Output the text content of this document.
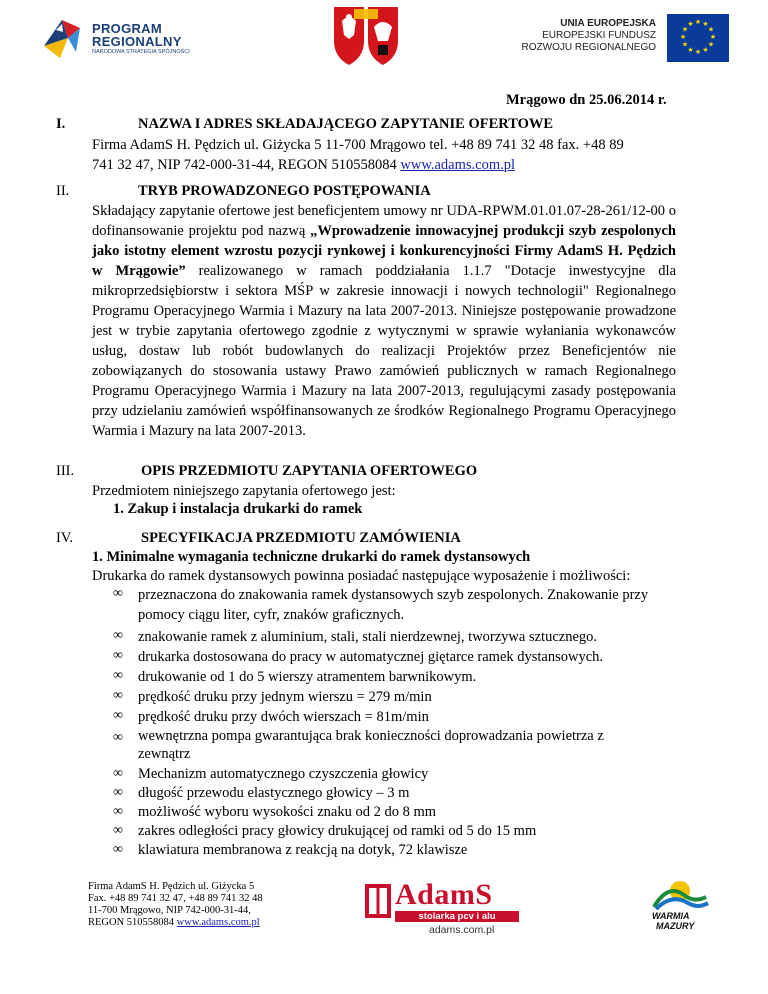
PROGRAM
REGIONALNY
NARODOWA STRATEGIA SPÓJNOŚCI
UNIA EUROPEJSKA
EUROPEJSKI FUNDUSZ
ROZWOJU REGIONALNEGO
★ ★
★
★
★
★
★
★
★
★
★
★
Mrągowo dn 25.06.2014 r.
I.	NAZWA I ADRES SKŁADAJĄCEGO ZAPYTANIE OFERTOWE
Firma AdamS H. Pędzich ul. Giżycka 5 11-700 Mrągowo tel. +48 89 741 32 48 fax. +48 89
741 32 47, NIP 742-000-31-44, REGON 510558084 www.adams.com.pl
II.	TRYB PROWADZONEGO POSTĘPOWANIA
Składający zapytanie ofertowe jest beneficjentem umowy nr UDA-RPWM.01.01.07-28-261/12-00 o dofinansowanie projektu pod nazwą „Wprowadzenie innowacyjnej produkcji szyb zespolonych jako istotny element wzrostu pozycji rynkowej i konkurencyjności Firmy AdamS H. Pędzich w Mrągowie” realizowanego w ramach poddziałania 1.1.7 "Dotacje inwestycyjne dla mikroprzedsiębiorstw i sektora MŚP w zakresie innowacji i nowych technologii" Regionalnego Programu Operacyjnego Warmia i Mazury na lata 2007-2013. Niniejsze postępowanie prowadzone jest w trybie zapytania ofertowego zgodnie z wytycznymi w sprawie wyłaniania wykonawców usług, dostaw lub robót budowlanych do realizacji Projektów przez Beneficjentów nie zobowiązanych do stosowania ustawy Prawo zamówień publicznych w ramach Regionalnego Programu Operacyjnego Warmia i Mazury na lata 2007-2013, regulującymi zasady postępowania przy udzielaniu zamówień współfinansowanych ze środków Regionalnego Programu Operacyjnego Warmia i Mazury na lata 2007-2013.
III.	OPIS PRZEDMIOTU ZAPYTANIA OFERTOWEGO
Przedmiotem niniejszego zapytania ofertowego jest:
1. Zakup i instalacja drukarki do ramek
IV.	SPECYFIKACJA PRZEDMIOTU ZAMÓWIENIA
1. Minimalne wymagania techniczne drukarki do ramek dystansowych
Drukarka do ramek dystansowych powinna posiadać następujące wyposażenie i możliwości:
∞ przeznaczona do znakowania ramek dystansowych szyb zespolonych. Znakowanie przy pomocy ciągu liter, cyfr, znaków graficznych.
∞ znakowanie ramek z aluminium, stali, stali nierdzewnej, tworzywa sztucznego.
∞ drukarka dostosowana do pracy w automatycznej giętarce ramek dystansowych.
∞ drukowanie od 1 do 5 wierszy atramentem barwnikowym.
∞ prędkość druku przy jednym wierszu = 279 m/min
∞ prędkość druku przy dwóch wierszach = 81m/min
∞ wewnętrzna pompa gwarantująca brak konieczności doprowadzania powietrza z zewnątrz
∞ Mechanizm automatycznego czyszczenia głowicy
∞ długość przewodu elastycznego głowicy – 3 m
∞ możliwość wyboru wysokości znaku od 2 do 8 mm
∞ zakres odległości pracy głowicy drukującej od ramki od 5 do 15 mm
∞ klawiatura membranowa z reakcją na dotyk, 72 klawisze
Firma AdamS H. Pędzich ul. Giżycka 5
Fax. +48 89 741 32 47, +48 89 741 32 48
11-700 Mrągowo, NIP 742-000-31-44,
REGON 510558084 www.adams.com.pl
AdamS
stolarka pcv i alu
adams.com.pl
WARMIA
MAZURY
